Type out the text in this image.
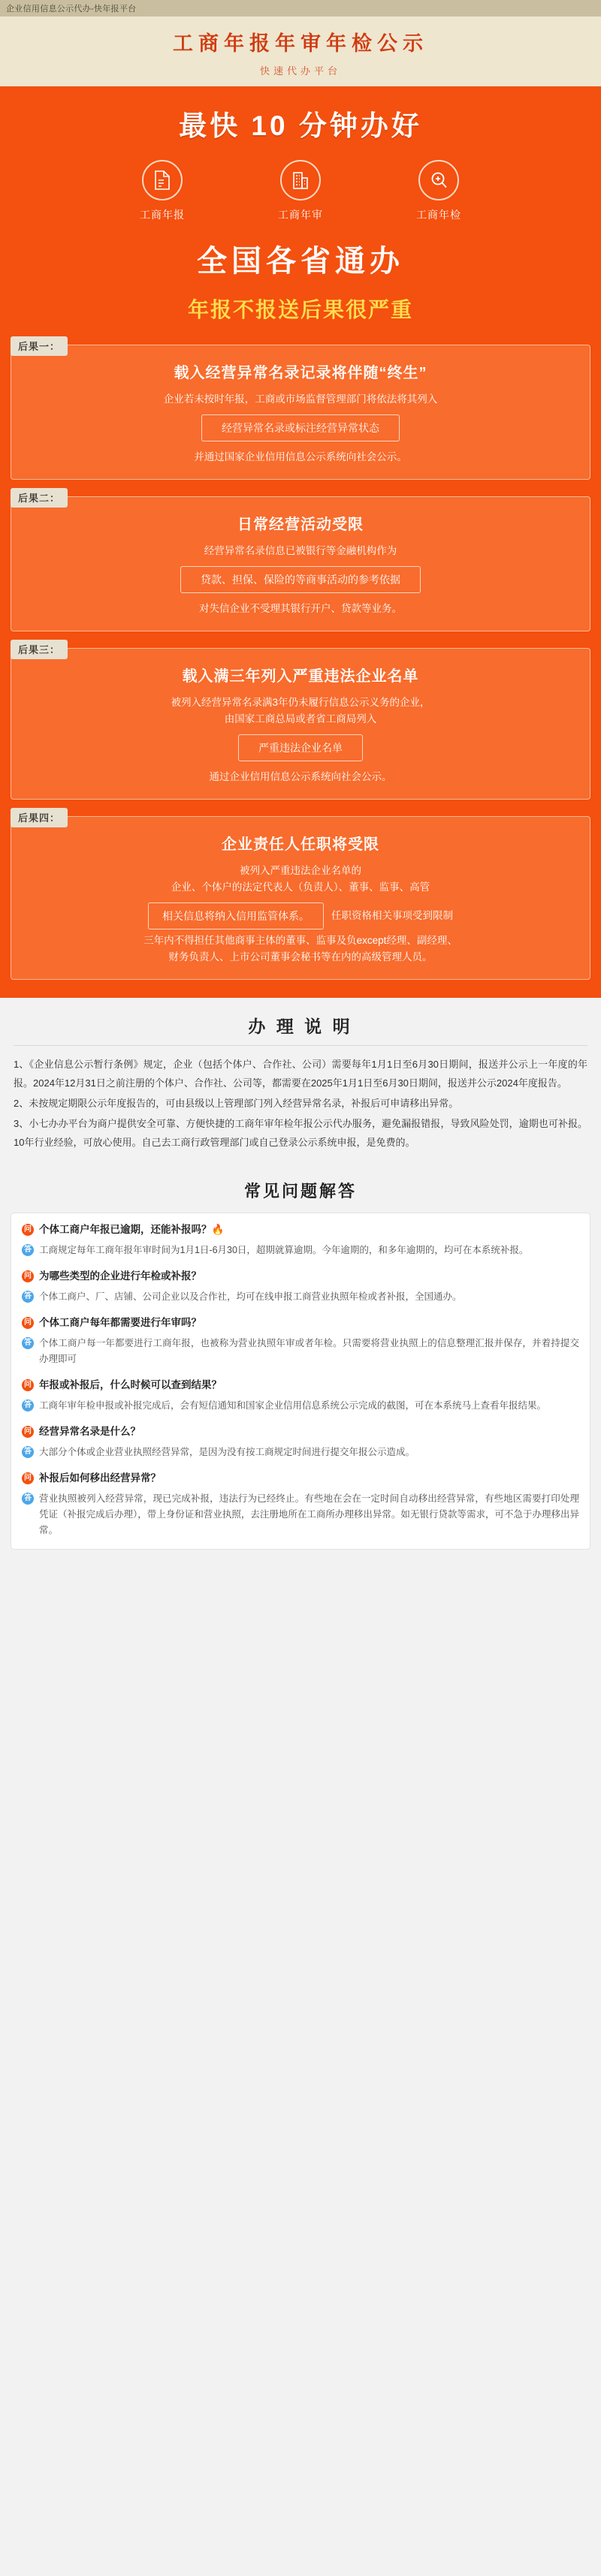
企业信用信息公示代办-快年报平台
工商年报年审年检公示
快速代办平台
最快 10 分钟办好
工商年报	工商年审	工商年检
全国各省通办
年报不报送后果很严重
后果一：
载入经营异常名录记录将伴随“终生”
企业若未按时年报，工商或市场监督管理部门将依法将其列入
经营异常名录或标注经营异常状态
并通过国家企业信用信息公示系统向社会公示。
后果二：
日常经营活动受限
经营异常名录信息已被银行等金融机构作为
贷款、担保、保险的等商事活动的参考依据
对失信企业不受理其银行开户、贷款等业务。
后果三：
载入满三年列入严重违法企业名单
被列入经营异常名录满3年仍未履行信息公示义务的企业，
由国家工商总局或者省工商局列入
严重违法企业名单
通过企业信用信息公示系统向社会公示。
后果四：
企业责任人任职将受限
被列入严重违法企业名单的
企业、个体户的法定代表人（负责人）、董事、监事、高管
相关信息将纳入信用监管体系。	任职资格相关事项受到限制
三年内不得担任其他商事主体的董事、监事及负except经理、副经理、
财务负责人、上市公司董事会秘书等在内的高级管理人员。
办 理 说 明
1、《企业信息公示暂行条例》规定，企业（包括个体户、合作社、公司）需要每年1月1日至6月30日期间，报送并公示上一年度的年报。2024年12月31日之前注册的个体户、合作社、公司等，都需要在2025年1月1日至6月30日期间，报送并公示2024年度报告。
2、未按规定期限公示年度报告的，可由县级以上管理部门列入经营异常名录，补报后可申请移出异常。
3、小七办办平台为商户提供安全可靠、方便快捷的工商年审年检年报公示代办服务，避免漏报错报，导致风险处罚，逾期也可补报。10年行业经验，可放心使用。自己去工商行政管理部门或自己登录公示系统申报，是免费的。
常见问题解答
问 个体工商户年报已逾期，还能补报吗？🔥
答 工商规定每年工商年报年审时间为1月1日-6月30日，超期就算逾期。今年逾期的，和多年逾期的，均可在本系统补报。
问 为哪些类型的企业进行年检或补报？
答 个体工商户、厂、店铺、公司企业以及合作社，均可在线申报工商营业执照年检或者补报，全国通办。
问 个体工商户每年都需要进行年审吗？
答 个体工商户每一年都要进行工商年报，也被称为营业执照年审或者年检。只需要将营业执照上的信息整理汇报并保存，并着持提交办理即可
问 年报或补报后，什么时候可以查到结果？
答 工商年审年检申报或补报完成后，会有短信通知和国家企业信用信息系统公示完成的截图，可在本系统马上查看年报结果。
问 经营异常名录是什么？
答 大部分个体或企业营业执照经营异常，是因为没有按工商规定时间进行提交年报公示造成。
问 补报后如何移出经营异常？
答 营业执照被列入经营异常，现已完成补报，违法行为已经终止。有些地在会在一定时间自动移出经营异常，有些地区需要打印处理凭证（补报完成后办理），带上身份证和营业执照，去注册地所在工商所办理移出异常。如无银行贷款等需求，可不急于办理移出异常。
